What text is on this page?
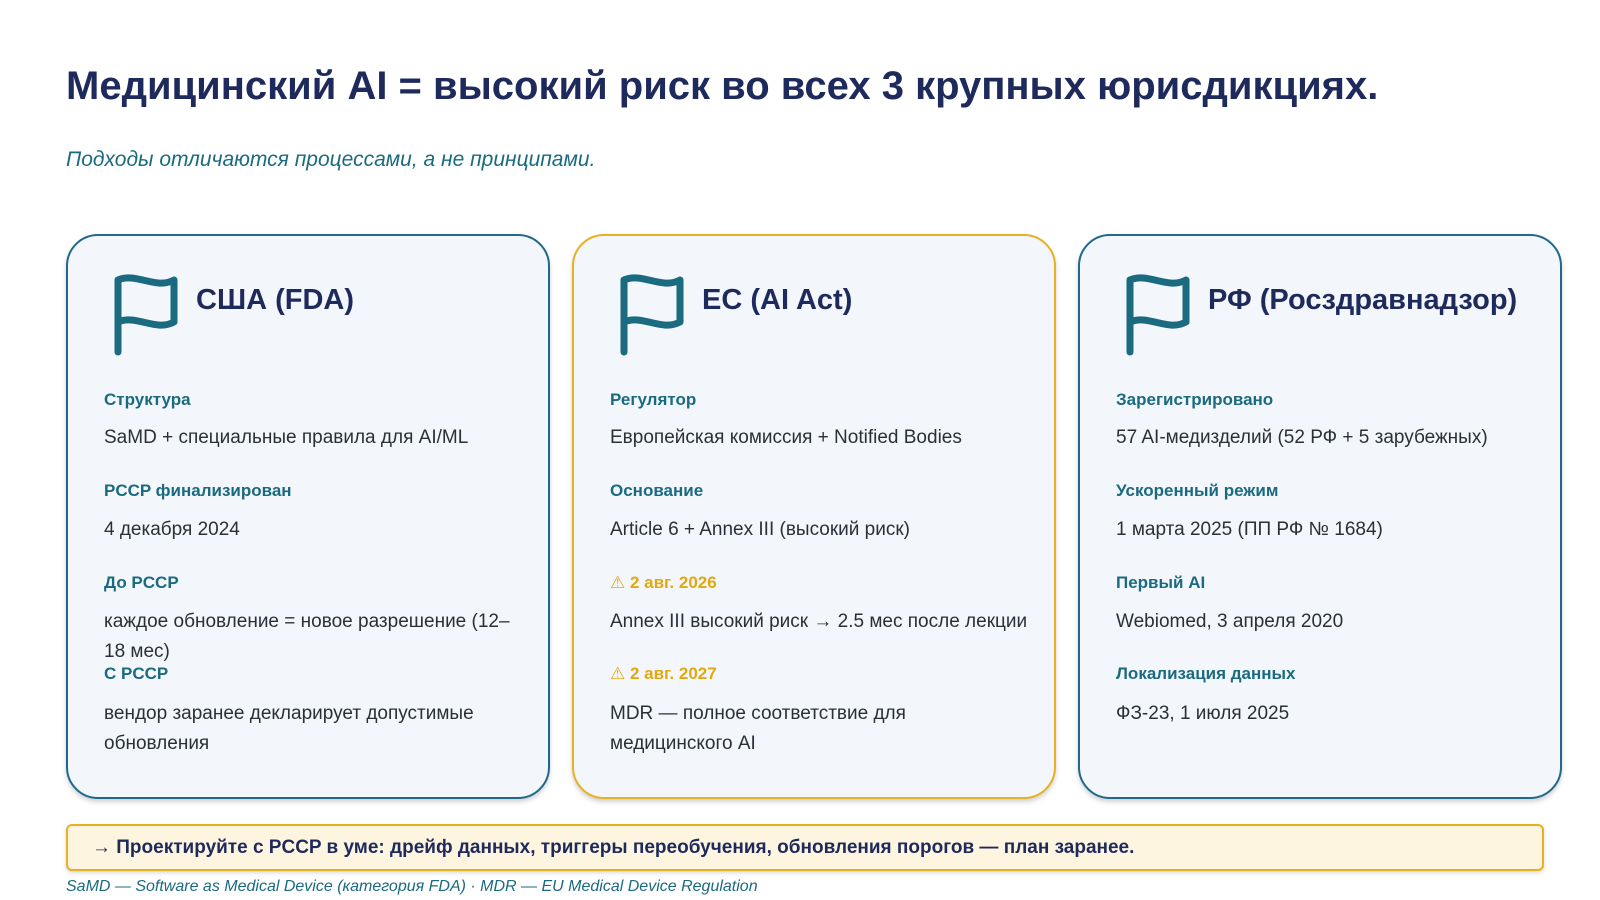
Медицинский AI = высокий риск во всех 3 крупных юрисдикциях.
Подходы отличаются процессами, а не принципами.
США (FDA)
Структура
SaMD + специальные правила для AI/ML
PCCP финализирован
4 декабря 2024
До PCCP
каждое обновление = новое разрешение (12–18 мес)
С PCCP
вендор заранее декларирует допустимые обновления
ЕС (AI Act)
Регулятор
Европейская комиссия + Notified Bodies
Основание
Article 6 + Annex III (высокий риск)
⚠ 2 авг. 2026
Annex III высокий риск → 2.5 мес после лекции
⚠ 2 авг. 2027
MDR — полное соответствие для медицинского AI
РФ (Росздравнадзор)
Зарегистрировано
57 AI-медизделий (52 РФ + 5 зарубежных)
Ускоренный режим
1 марта 2025 (ПП РФ № 1684)
Первый AI
Webiomed, 3 апреля 2020
Локализация данных
ФЗ-23, 1 июля 2025
→ Проектируйте с PCCP в уме: дрейф данных, триггеры переобучения, обновления порогов — план заранее.
SaMD — Software as Medical Device (категория FDA) · MDR — EU Medical Device Regulation
